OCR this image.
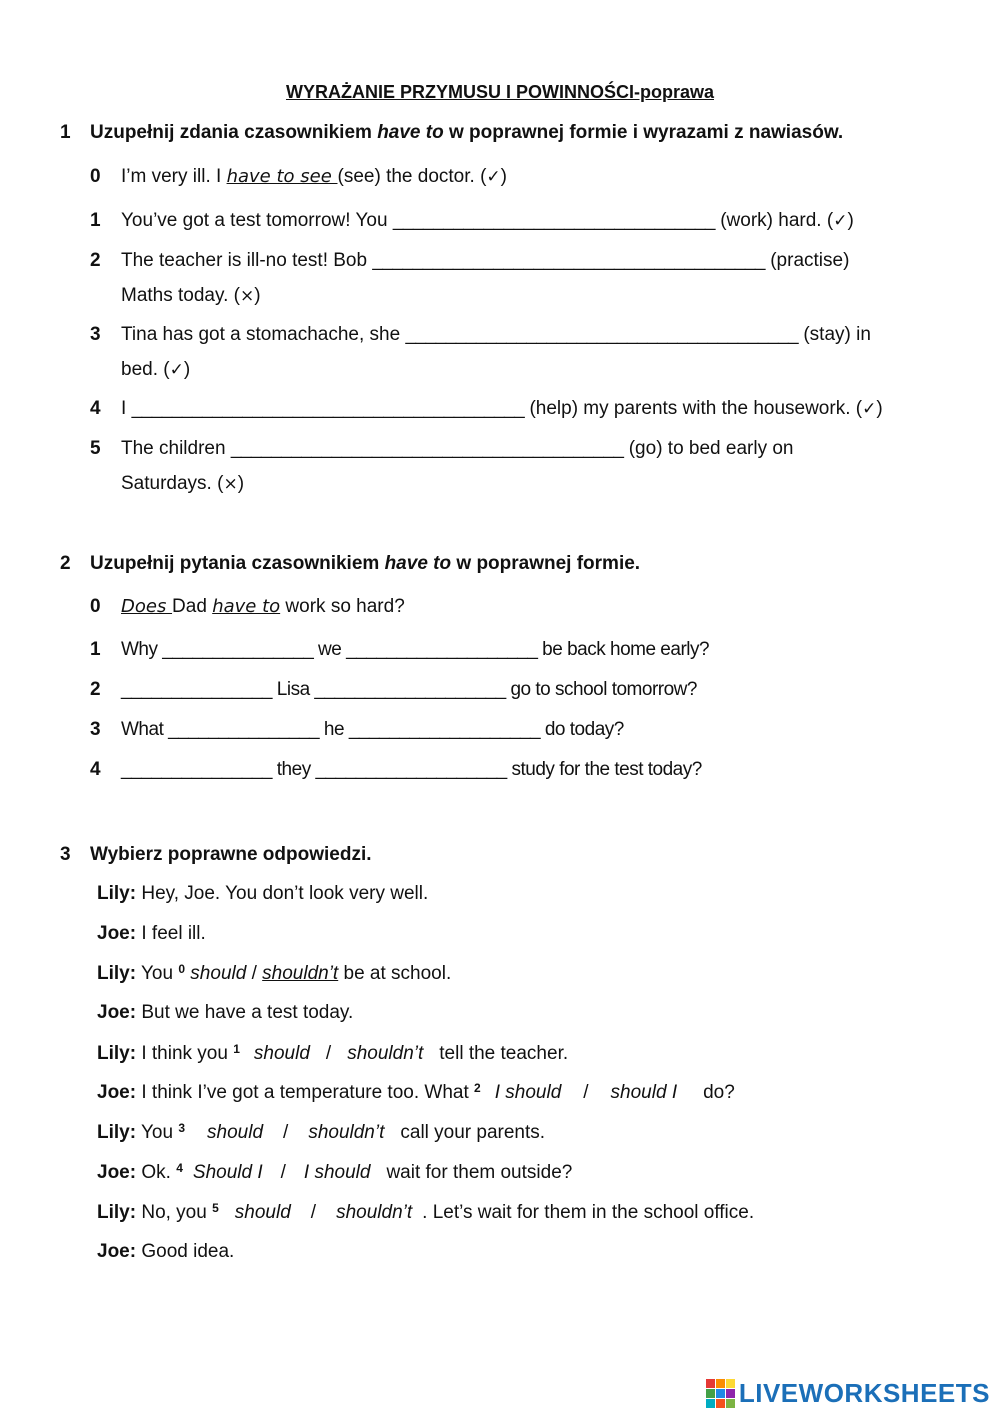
WYRAŻANIE PRZYMUSU I POWINNOŚCI-poprawa
1 Uzupełnij zdania czasownikiem have to w poprawnej formie i wyrazami z nawiasów.
0 I’m very ill. I have to see (see) the doctor. (✓)
1 You’ve got a test tomorrow! You ________________________________ (work) hard. (✓)
2 The teacher is ill-no test! Bob _______________________________________ (practise)
Maths today. (×)
3 Tina has got a stomachache, she _______________________________________ (stay) in
bed. (✓)
4 I _______________________________________ (help) my parents with the housework. (✓)
5 The children _______________________________________ (go) to bed early on
Saturdays. (×)
2 Uzupełnij pytania czasownikiem have to w poprawnej formie.
0 Does Dad have to work so hard?
1 Why _______________ we ___________________ be back home early?
2 _______________ Lisa ___________________ go to school tomorrow?
3 What _______________ he ___________________ do today?
4 _______________ they ___________________ study for the test today?
3 Wybierz poprawne odpowiedzi.
Lily: Hey, Joe. You don’t look very well.
Joe: I feel ill.
Lily: You $^0$ should / shouldn’t be at school.
Joe: But we have a test today.
Lily: I think you $^1$ should / shouldn’t tell the teacher.
Joe: I think I’ve got a temperature too. What $^2$ I should / should I do?
Lily: You $^3$ should / shouldn’t call your parents.
Joe: Ok. $^4$ Should I / I should wait for them outside?
Lily: No, you $^5$ should / shouldn’t . Let’s wait for them in the school office.
Joe: Good idea.
LIVEWORKSHEETS
